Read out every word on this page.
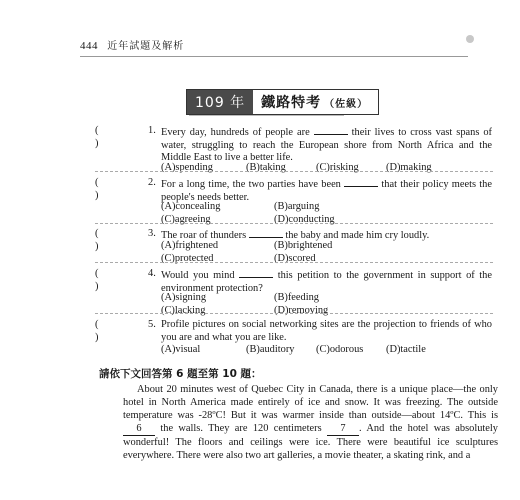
444 近年試題及解析
109 年	鐵路特考 （佐級）
( )
1. Every day, hundreds of people are	their lives to cross vast spans of water, struggling to reach the European shore from North Africa and the Middle East to live a better life.
(A)spending	(B)taking	(C)risking	(D)making
( )
2. For a long time, the two parties have been	that their policy meets the people's needs better.
(A)concealing	(B)arguing
(C)agreeing	(D)conducting
( )
3. The roar of thunders	the baby and made him cry loudly.
(A)frightened	(B)brightened
(C)protected	(D)scored
( )
4. Would you mind	this petition to the government in support of the environment protection?
(A)signing	(B)feeding
(C)lacking	(D)removing
( )
5. Profile pictures on social networking sites are the projection to friends of who you are and what you are like.
(A)visual	(B)auditory	(C)odorous	(D)tactile
請依下文回答第 6 題至第 10 題：

About 20 minutes west of Quebec City in Canada, there is a unique place—the only hotel in North America made entirely of ice and snow. It was freezing. The outside temperature was -28ºC! But it was warmer inside than outside—about 14ºC. This is 6 the walls. They are 120 centimeters 7 . And the hotel was absolutely wonderful! The floors and ceilings were ice. There were beautiful ice sculptures everywhere. There were also two art galleries, a movie theater, a skating rink, and a
